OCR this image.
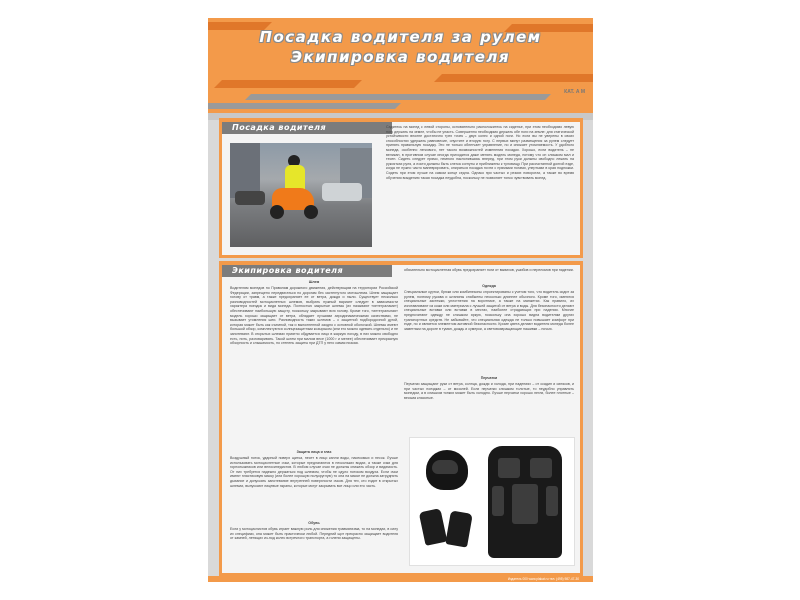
Посадка водителя за рулем
Экипировка водителя
КАТ. А М
Посадка водителя	Садитесь на мопед с левой стороны, основательно расположитесь на сиденье, при этом необходимо левую ногу держать на земле, чтобы не упасть. Совершенно необходимо держать обе ноги на земле: для статической устойчивости вполне достаточно трех точек – двух колес и одной ноги. Но если вы не уверены в своих способностях удержать равновесие, опустите и вторую ногу. С первых минут размещения за рулем следует принять правильную посадку. Это не только облегчает управление, но и снижает утомляемость. У удобного мопеда, особенно легкового, нет такого возможностей изменения посадки. Хорошо, если водитель – не великан, в противном случае иногда приходится даже менять модель мопеда, потому что он слишком мал и тесен. Сидеть следует прямо, немного наклонившись вперед, при этом руки должны свободно лежать на рукоятках руля, а локти должны быть слегка согнуты и приближены к туловищу. При рассчитанной долгой езде, когда не нужно часто маневрировать, опираться посадка почти с прямыми ногами, упертыми в края подножки. Сидеть при этом лучше на самом конце седла. Однако при частых и резких поворотах, а также во время обучения вождению такая посадка неудобна, поскольку не позволяет тонко чувствовать мопед.
Экипировка водителя
Шлем
Водителям мопедов по Правилам дорожного движения, действующим на территории Российской Федерации, запрещено передвигаться по дорогам без застегнутого мотошлема. Шлем защищает голову от травм, а также предохраняет ее от ветра, дождя и пыли. Существует несколько разновидностей мотоциклетных шлемов, выбрать нужный вариант следует в зависимости характера поездок и вида мопеда. Полностью закрытые шлемы (их называют «интегралами») обеспечивают наибольшую защиту, поскольку закрывают всю голову. Кроме того, «интегральная» модель хорошо защищает от ветра, обладает лучшими аэродинамическими качествами, не вызывает утомления шеи. Разновидность таких шлемов – с защитной подбородочной дугой, которая может быть как съемной, так и выполненной заодно с основной оболочкой. Шлемы имеют большой обзор, комплектуются солнцезащитным козырьком (или его можно одевать отдельно) и не запотевают. В открытых шлемах приятно обдувается лицо в жаркую погоду, в них можно свободно есть, пить, разговаривать. Такой шлем при малом весе (1000 г и менее) обеспечивает прекрасную обзорность и слышимость, но степень защиты при ДТП у него самая низкая.
Защита лица и глаз
Воздушный поток, ударный поверх щитка, несет в лицо капли воды, насекомых и песок. Лучше использовать мотоциклетные очки, которые предлагаются в нескольких видах, а также очки для горнолыжников или велосипедистов. В любом случае очки не должны снижать обзор и видимость. От них требуется надежно держаться под шлемом, чтобы не сдуло потоком воздуха. Если очки имеют пластиковую маску (или более хорошую полукруглую) то она на маске не должна затруднять дыхание и допускать запотевание внутренней поверхности очков. Для тех, кто ездит в открытых шлемах, выпускают лицевые экраны, которые могут закрывать все лицо или его часть.
Обувь
Если у мотоциклистов обувь играет важную роль для снижения травматизма, то на мопедах, в силу их специфики, она может быть практически любой. Передний щит прекрасно защищает водителя от камней, летящих из-под колес встречного транспорта, а голени защищены.
обязательно мотоциклетная обувь предохраняет ноги от вывихов, ушибов и переломов при падении.
Одежда
Специальные куртки, брюки или комбинезоны спроектированы с учетом того, что водитель сидит за рулем, поэтому рукава и штанины снабжены несколько длиннее обычного. Кроме того, имеются специальные застежки, уплотнения на воротнике, а также на манжетах. Как правило, их изготавливают из кожи или материала с лучшей защитой от ветра и воды. Для безопасности делают специальные вставки или вставки в местах, наиболее страдающих при падении. Многие предпочитают одежду не слишком яркую, поскольку она хорошо видна водителям других транспортных средств. Не забывайте, что специальная одежда не только повышает комфорт при езде, но и является элементом активной безопасности. Кроме цвета делают водителя мопеда более заметным на дороге в туман, дождь и сумерки, а световозвращающие нашивки – ночью.
Перчатки
Перчатки защищают руки от ветра, солнца, дождя и холода, при падениях – от ссадин и синяков, и при частых поездках – от мозолей. Если перчатки слишком толстые, то неудобно управлять мопедом, а в слишком тонких может быть холодно. Лучше перчатки хорошо легли, более плотные – весьма классные.
Издатель 000 www.plakat.ru тел. (495) 987-47-30
